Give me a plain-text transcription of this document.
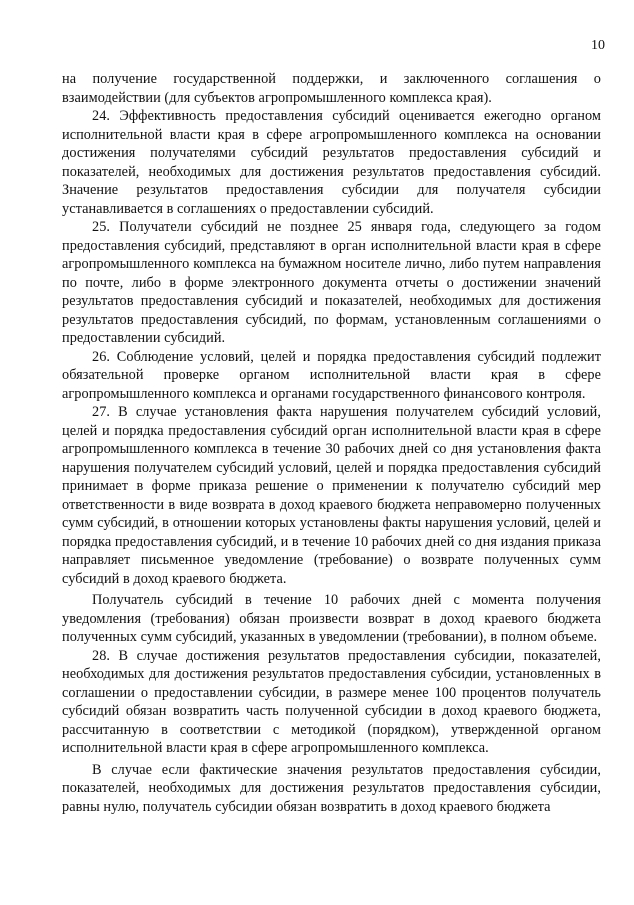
10

на получение государственной поддержки, и заключенного соглашения о взаимодействии (для субъектов агропромышленного комплекса края).

24. Эффективность предоставления субсидий оценивается ежегодно органом исполнительной власти края в сфере агропромышленного комплекса на основании достижения получателями субсидий результатов предоставления субсидий и показателей, необходимых для достижения результатов предоставления субсидий. Значение результатов предоставления субсидии для получателя субсидии устанавливается в соглашениях о предоставлении субсидий.

25. Получатели субсидий не позднее 25 января года, следующего за годом предоставления субсидий, представляют в орган исполнительной власти края в сфере агропромышленного комплекса на бумажном носителе лично, либо путем направления по почте, либо в форме электронного документа отчеты о достижении значений результатов предоставления субсидий и показателей, необходимых для достижения результатов предоставления субсидий, по формам, установленным соглашениями о предоставлении субсидий.

26. Соблюдение условий, целей и порядка предоставления субсидий подлежит обязательной проверке органом исполнительной власти края в сфере агропромышленного комплекса и органами государственного финансового контроля.

27. В случае установления факта нарушения получателем субсидий условий, целей и порядка предоставления субсидий орган исполнительной власти края в сфере агропромышленного комплекса в течение 30 рабочих дней со дня установления факта нарушения получателем субсидий условий, целей и порядка предоставления субсидий принимает в форме приказа решение о применении к получателю субсидий мер ответственности в виде возврата в доход краевого бюджета неправомерно полученных сумм субсидий, в отношении которых установлены факты нарушения условий, целей и порядка предоставления субсидий, и в течение 10 рабочих дней со дня издания приказа направляет письменное уведомление (требование) о возврате полученных сумм субсидий в доход краевого бюджета.

Получатель субсидий в течение 10 рабочих дней с момента получения уведомления (требования) обязан произвести возврат в доход краевого бюджета полученных сумм субсидий, указанных в уведомлении (требовании), в полном объеме.

28. В случае достижения результатов предоставления субсидии, показателей, необходимых для достижения результатов предоставления субсидии, установленных в соглашении о предоставлении субсидии, в размере менее 100 процентов получатель субсидий обязан возвратить часть полученной субсидии в доход краевого бюджета, рассчитанную в соответствии с методикой (порядком), утвержденной органом исполнительной власти края в сфере агропромышленного комплекса.

В случае если фактические значения результатов предоставления субсидии, показателей, необходимых для достижения результатов предоставления субсидии, равны нулю, получатель субсидии обязан возвратить в доход краевого бюджета
